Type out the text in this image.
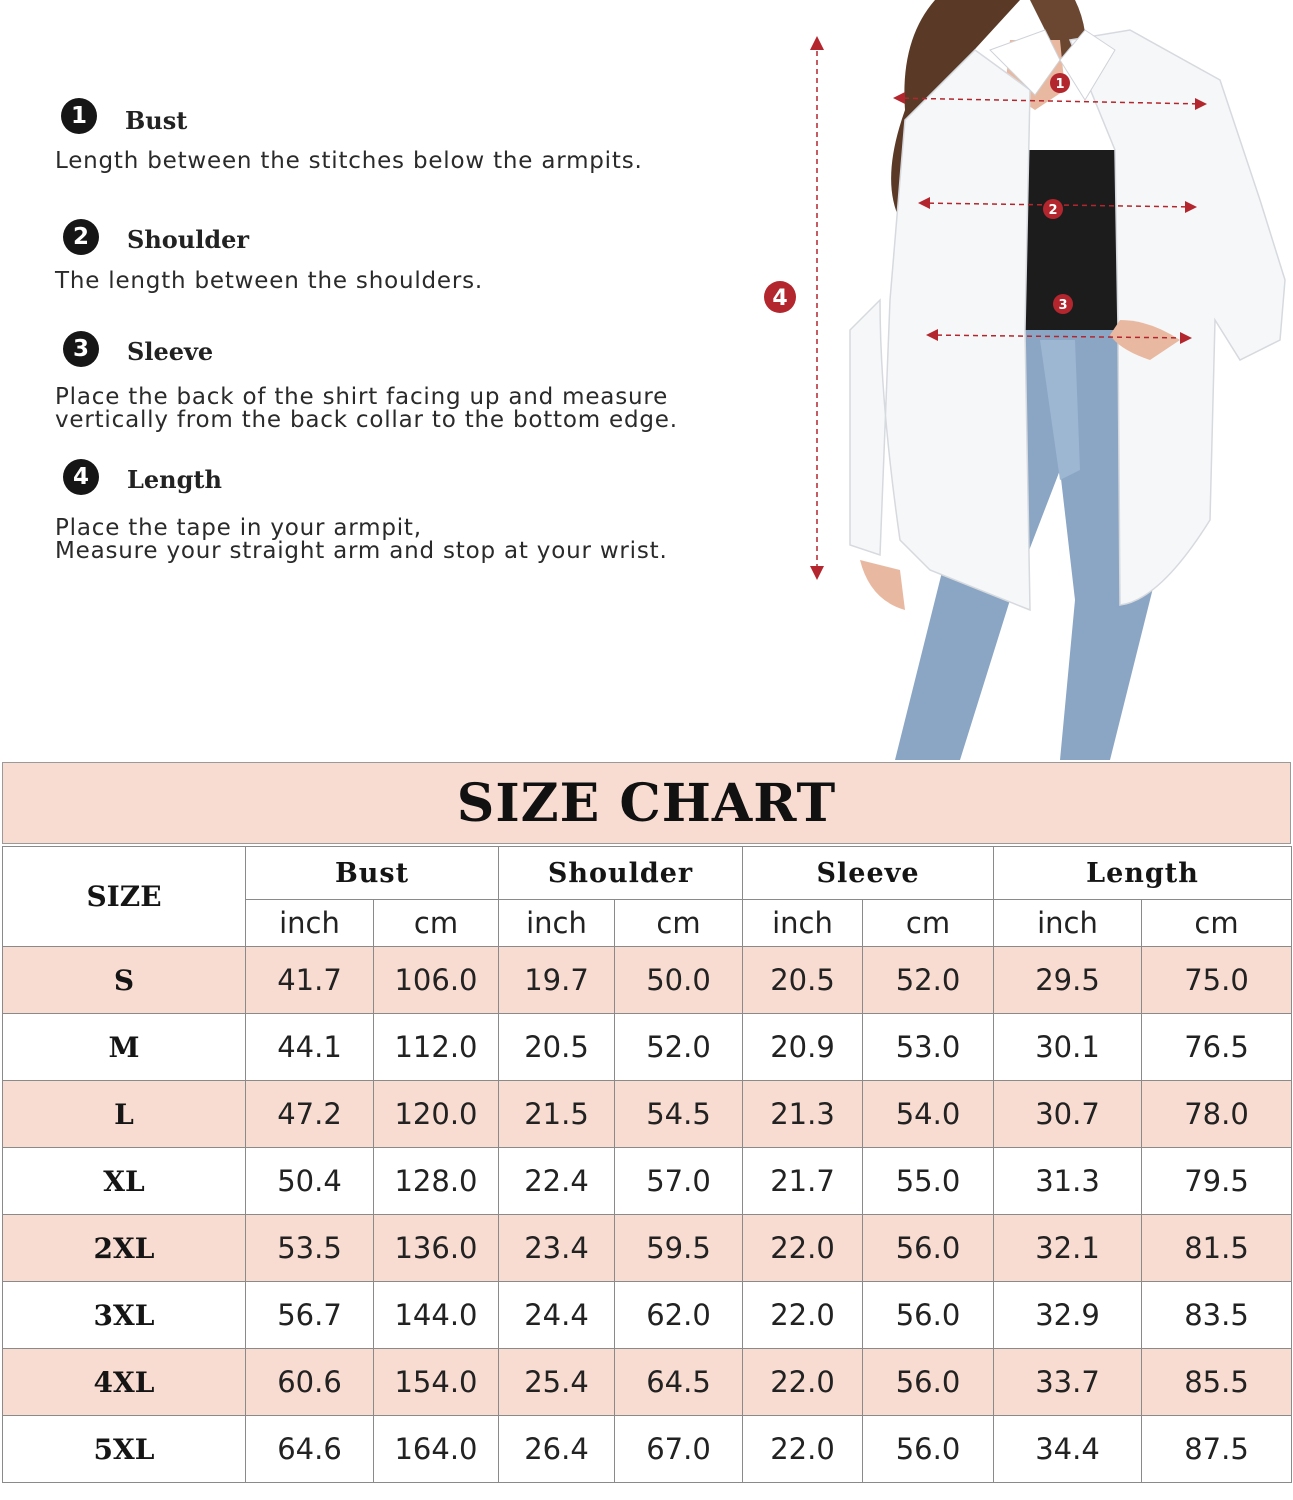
1	Bust
Length between the stitches below the armpits.
2	Shoulder
The length between the shoulders.
3	Sleeve
Place the back of the shirt facing up and measure
vertically from the back collar to the bottom edge.
4	Length
Place the tape in your armpit,
Measure your straight arm and stop at your wrist.
1
2
3
4
SIZE CHART
SIZE	Bust		Shoulder		Sleeve		Length	
	inch	cm	inch	cm	inch	cm	inch	cm
S	41.7	106.0	19.7	50.0	20.5	52.0	29.5	75.0
M	44.1	112.0	20.5	52.0	20.9	53.0	30.1	76.5
L	47.2	120.0	21.5	54.5	21.3	54.0	30.7	78.0
XL	50.4	128.0	22.4	57.0	21.7	55.0	31.3	79.5
2XL	53.5	136.0	23.4	59.5	22.0	56.0	32.1	81.5
3XL	56.7	144.0	24.4	62.0	22.0	56.0	32.9	83.5
4XL	60.6	154.0	25.4	64.5	22.0	56.0	33.7	85.5
5XL	64.6	164.0	26.4	67.0	22.0	56.0	34.4	87.5
